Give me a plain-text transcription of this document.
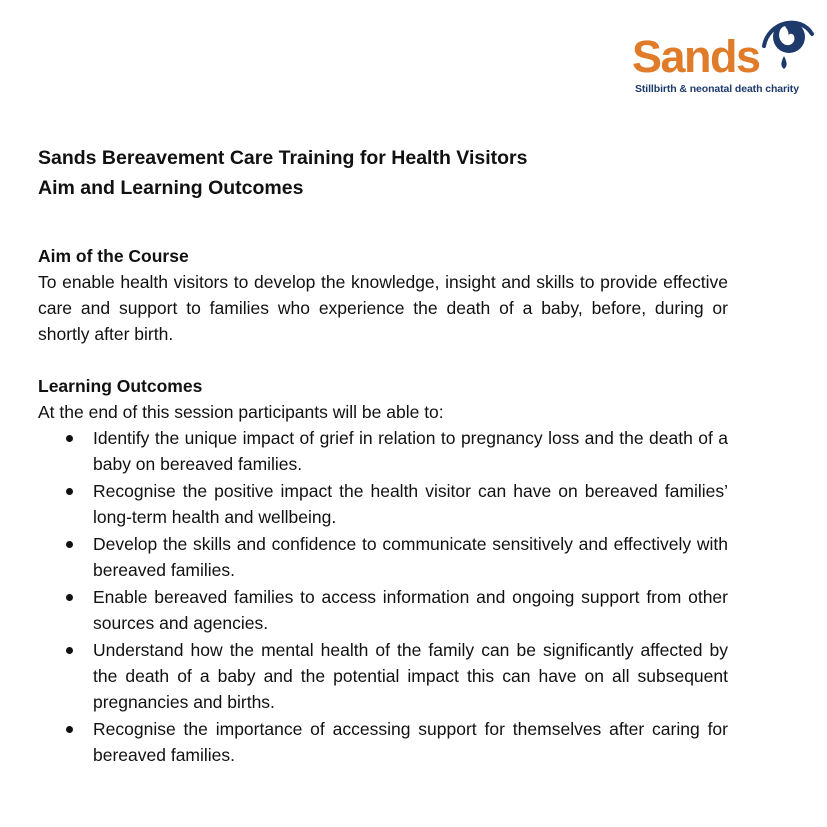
Sands
Stillbirth & neonatal death charity

Sands Bereavement Care Training for Health Visitors

Aim and Learning Outcomes

Aim of the Course

To enable health visitors to develop the knowledge, insight and skills to provide effective care and support to families who experience the death of a baby, before, during or shortly after birth.

Learning Outcomes

At the end of this session participants will be able to:

Identify the unique impact of grief in relation to pregnancy loss and the death of a baby on bereaved families.
Recognise the positive impact the health visitor can have on bereaved families’ long-term health and wellbeing.
Develop the skills and confidence to communicate sensitively and effectively with bereaved families.
Enable bereaved families to access information and ongoing support from other sources and agencies.
Understand how the mental health of the family can be significantly affected by the death of a baby and the potential impact this can have on all subsequent pregnancies and births.
Recognise the importance of accessing support for themselves after caring for bereaved families.
